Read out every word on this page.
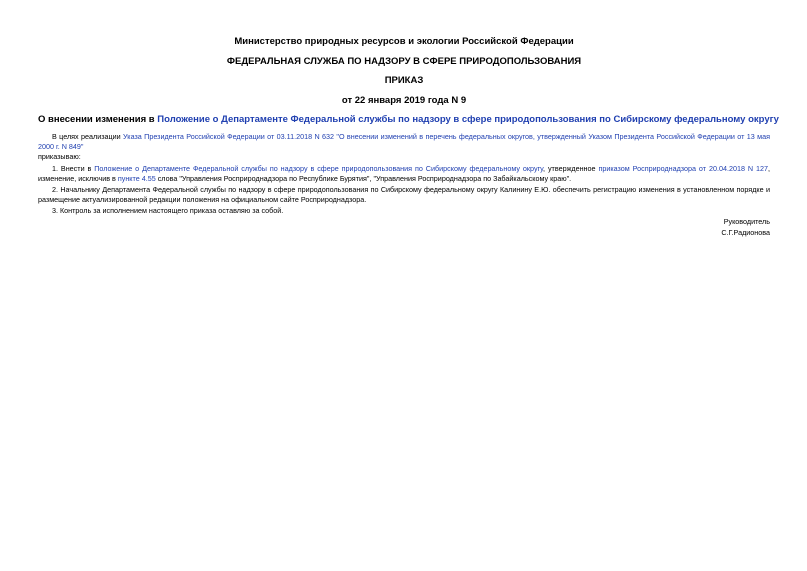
Министерство природных ресурсов и экологии Российской Федерации
ФЕДЕРАЛЬНАЯ СЛУЖБА ПО НАДЗОРУ В СФЕРЕ ПРИРОДОПОЛЬЗОВАНИЯ
ПРИКАЗ
от 22 января 2019 года N 9
О внесении изменения в Положение о Департаменте Федеральной службы по надзору в сфере природопользования по Сибирскому федеральному округу

В целях реализации Указа Президента Российской Федерации от 03.11.2018 N 632 "О внесении изменений в перечень федеральных округов, утвержденный Указом Президента Российской Федерации от 13 мая 2000 г. N 849"

приказываю:

1. Внести в Положение о Департаменте Федеральной службы по надзору в сфере природопользования по Сибирскому федеральному округу, утвержденное приказом Росприроднадзора от 20.04.2018 N 127, изменение, исключив в пункте 4.55 слова "Управления Росприроднадзора по Республике Бурятия", "Управления Росприроднадзора по Забайкальскому краю".

2. Начальнику Департамента Федеральной службы по надзору в сфере природопользования по Сибирскому федеральному округу Калинину Е.Ю. обеспечить регистрацию изменения в установленном порядке и размещение актуализированной редакции положения на официальном сайте Росприроднадзора.

3. Контроль за исполнением настоящего приказа оставляю за собой.

Руководитель
С.Г.Радионова
